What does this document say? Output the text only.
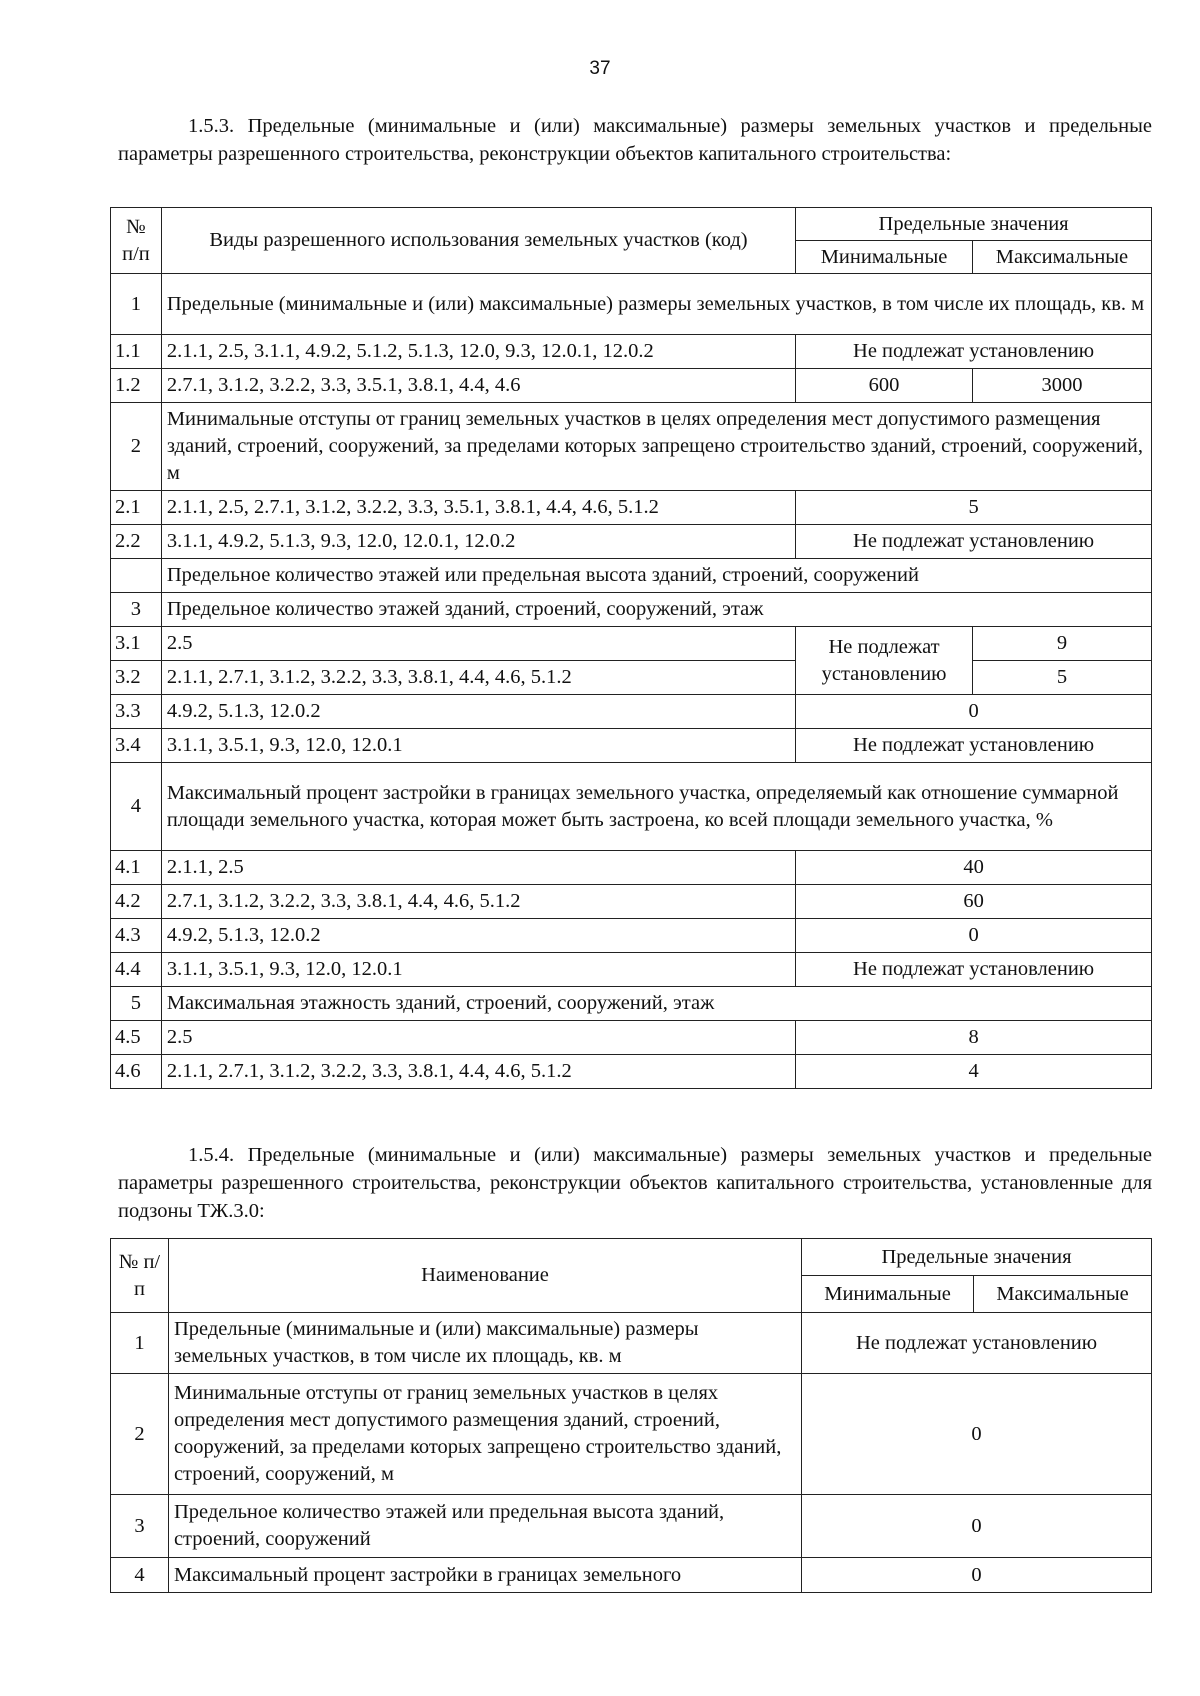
37

1.5.3. Предельные (минимальные и (или) максимальные) размеры земельных участков и предельные параметры разрешенного строительства, реконструкции объектов капитального строительства:

№ п/п	Виды разрешенного использования земельных участков (код)	Предельные значения	
		Минимальные	Максимальные
1	Предельные (минимальные и (или) максимальные) размеры земельных участков, в том числе их площадь, кв. м		
1.1	2.1.1, 2.5, 3.1.1, 4.9.2, 5.1.2, 5.1.3, 12.0, 9.3, 12.0.1, 12.0.2	Не подлежат установлению	
1.2	2.7.1, 3.1.2, 3.2.2, 3.3, 3.5.1, 3.8.1, 4.4, 4.6	600	3000
2	Минимальные отступы от границ земельных участков в целях определения мест допустимого размещения зданий, строений, сооружений, за пределами которых запрещено строительство зданий, строений, сооружений, м		
2.1	2.1.1, 2.5, 2.7.1, 3.1.2, 3.2.2, 3.3, 3.5.1, 3.8.1, 4.4, 4.6, 5.1.2	5	
2.2	3.1.1, 4.9.2, 5.1.3, 9.3, 12.0, 12.0.1, 12.0.2	Не подлежат установлению	
	Предельное количество этажей или предельная высота зданий, строений, сооружений		
3	Предельное количество этажей зданий, строений, сооружений, этаж		
3.1	2.5	Не подлежат установлению	9
3.2	2.1.1, 2.7.1, 3.1.2, 3.2.2, 3.3, 3.8.1, 4.4, 4.6, 5.1.2		5
3.3	4.9.2, 5.1.3, 12.0.2	0	
3.4	3.1.1, 3.5.1, 9.3, 12.0, 12.0.1	Не подлежат установлению	
4	Максимальный процент застройки в границах земельного участка, определяемый как отношение суммарной площади земельного участка, которая может быть застроена, ко всей площади земельного участка, %		
4.1	2.1.1, 2.5	40	
4.2	2.7.1, 3.1.2, 3.2.2, 3.3, 3.8.1, 4.4, 4.6, 5.1.2	60	
4.3	4.9.2, 5.1.3, 12.0.2	0	
4.4	3.1.1, 3.5.1, 9.3, 12.0, 12.0.1	Не подлежат установлению	
5	Максимальная этажность зданий, строений, сооружений, этаж		
4.5	2.5	8	
4.6	2.1.1, 2.7.1, 3.1.2, 3.2.2, 3.3, 3.8.1, 4.4, 4.6, 5.1.2	4	

1.5.4. Предельные (минимальные и (или) максимальные) размеры земельных участков и предельные параметры разрешенного строительства, реконструкции объектов капитального строительства, установленные для подзоны ТЖ.3.0:

№ п/п	Наименование	Предельные значения	
		Минимальные	Максимальные
1	Предельные (минимальные и (или) максимальные) размеры земельных участков, в том числе их площадь, кв. м	Не подлежат установлению	
2	Минимальные отступы от границ земельных участков в целях определения мест допустимого размещения зданий, строений, сооружений, за пределами которых запрещено строительство зданий, строений, сооружений, м	0	
3	Предельное количество этажей или предельная высота зданий, строений, сооружений	0	
4	Максимальный процент застройки в границах земельного	0	
